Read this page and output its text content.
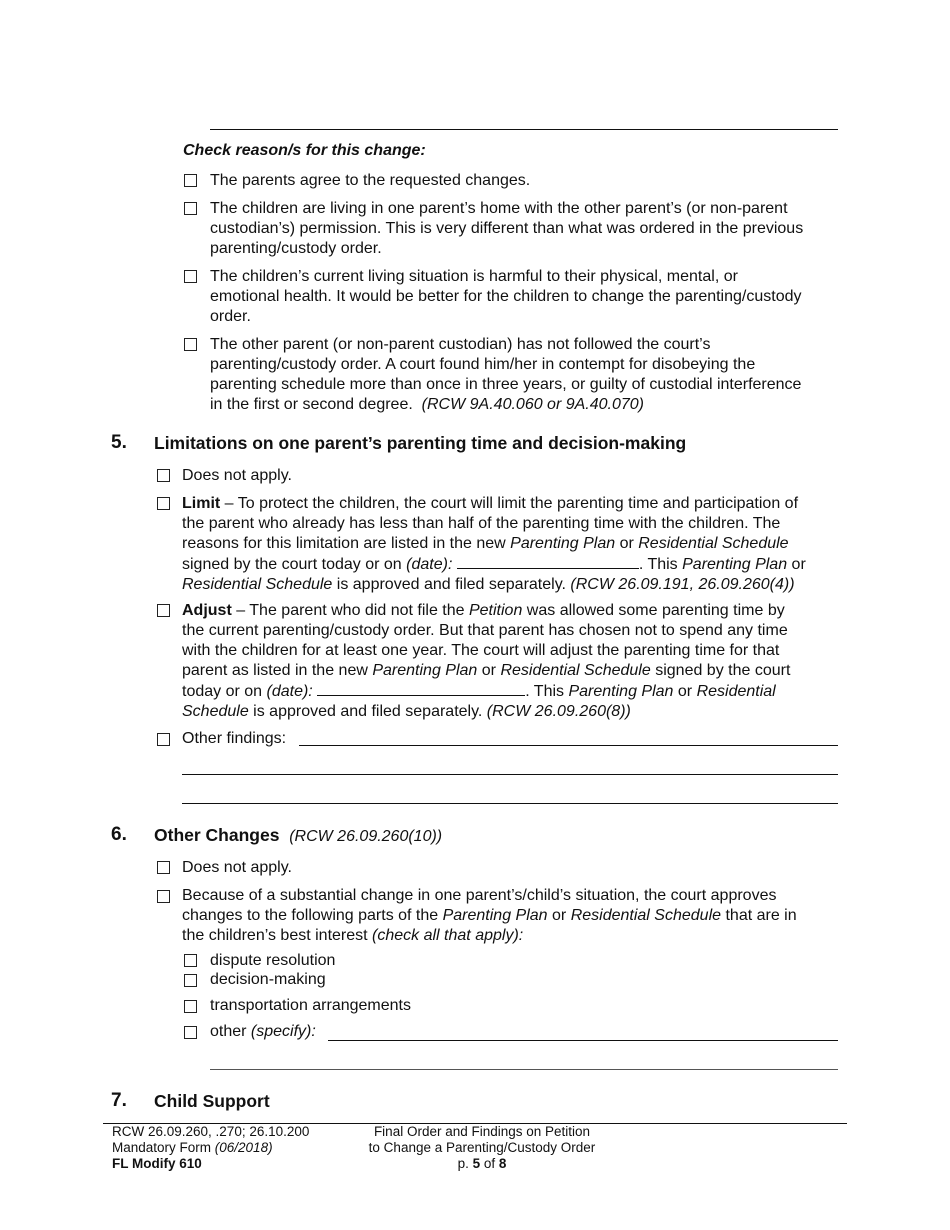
Check reason/s for this change:
The parents agree to the requested changes.
The children are living in one parent’s home with the other parent’s (or non-parent
custodian’s) permission. This is very different than what was ordered in the previous
parenting/custody order.
The children’s current living situation is harmful to their physical, mental, or
emotional health. It would be better for the children to change the parenting/custody
order.
The other parent (or non-parent custodian) has not followed the court’s
parenting/custody order. A court found him/her in contempt for disobeying the
parenting schedule more than once in three years, or guilty of custodial interference
in the first or second degree. (RCW 9A.40.060 or 9A.40.070)
5. Limitations on one parent’s parenting time and decision-making
Does not apply.
Limit – To protect the children, the court will limit the parenting time and participation of
the parent who already has less than half of the parenting time with the children. The
reasons for this limitation are listed in the new Parenting Plan or Residential Schedule
signed by the court today or on (date):	. This Parenting Plan or
Residential Schedule is approved and filed separately. (RCW 26.09.191, 26.09.260(4))
Adjust – The parent who did not file the Petition was allowed some parenting time by
the current parenting/custody order. But that parent has chosen not to spend any time
with the children for at least one year. The court will adjust the parenting time for that
parent as listed in the new Parenting Plan or Residential Schedule signed by the court
today or on (date):	. This Parenting Plan or Residential
Schedule is approved and filed separately. (RCW 26.09.260(8))
Other findings:
6. Other Changes (RCW 26.09.260(10))
Does not apply.
Because of a substantial change in one parent’s/child’s situation, the court approves
changes to the following parts of the Parenting Plan or Residential Schedule that are in
the children’s best interest (check all that apply):
dispute resolution
decision-making
transportation arrangements
other (specify):
7. Child Support
RCW 26.09.260, .270; 26.10.200
Mandatory Form (06/2018)
FL Modify 610
Final Order and Findings on Petition
to Change a Parenting/Custody Order
p. 5 of 8
